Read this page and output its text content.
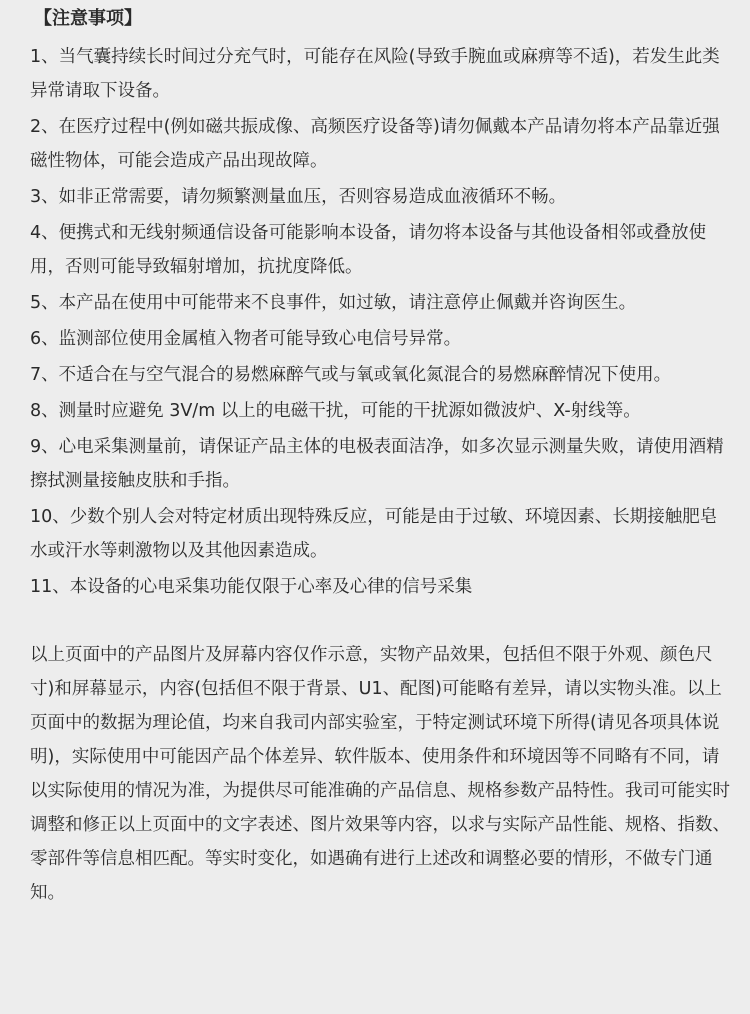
【注意事项】
1、当气囊持续长时间过分充气时，可能存在风险(导致手腕血或麻痹等不适)，若发生此类异常请取下设备。
2、在医疗过程中(例如磁共振成像、高频医疗设备等)请勿佩戴本产品请勿将本产品靠近强磁性物体，可能会造成产品出现故障。
3、如非正常需要，请勿频繁测量血压，否则容易造成血液循环不畅。
4、便携式和无线射频通信设备可能影响本设备，请勿将本设备与其他设备相邻或叠放使用，否则可能导致辐射增加，抗扰度降低。
5、本产品在使用中可能带来不良事件，如过敏，请注意停止佩戴并咨询医生。
6、监测部位使用金属植入物者可能导致心电信号异常。
7、不适合在与空气混合的易燃麻醉气或与氧或氧化氮混合的易燃麻醉情况下使用。
8、测量时应避免 3V/m 以上的电磁干扰，可能的干扰源如微波炉、X-射线等。
9、心电采集测量前，请保证产品主体的电极表面洁净，如多次显示测量失败，请使用酒精擦拭测量接触皮肤和手指。
10、少数个别人会对特定材质出现特殊反应，可能是由于过敏、环境因素、长期接触肥皂水或汗水等刺激物以及其他因素造成。
11、本设备的心电采集功能仅限于心率及心律的信号采集

以上页面中的产品图片及屏幕内容仅作示意，实物产品效果，包括但不限于外观、颜色尺寸)和屏幕显示，内容(包括但不限于背景、U1、配图)可能略有差异，请以实物头准。以上页面中的数据为理论值，均来自我司内部实验室，于特定测试环境下所得(请见各项具体说明)，实际使用中可能因产品个体差异、软件版本、使用条件和环境因等不同略有不同，请以实际使用的情况为准，为提供尽可能准确的产品信息、规格参数产品特性。我司可能实时调整和修正以上页面中的文字表述、图片效果等内容，以求与实际产品性能、规格、指数、零部件等信息相匹配。等实时变化，如遇确有进行上述改和调整必要的情形，不做专门通知。
